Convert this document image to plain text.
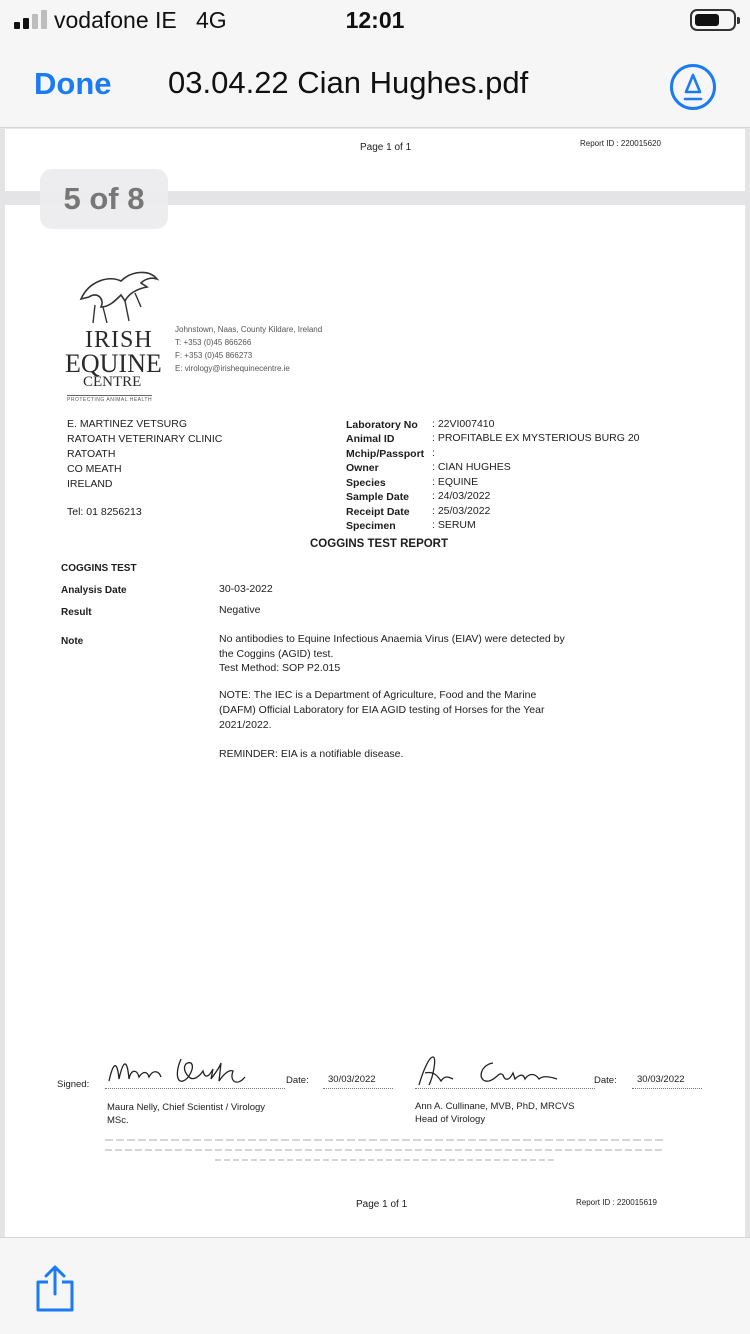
vodafone IE 4G	12:01
Done 03.04.22 Cian Hughes.pdf
Page 1 of 1	Report ID : 220015620
IRISH
EQUINE
CENTRE
PROTECTING ANIMAL HEALTH
Johnstown, Naas, County Kildare, Ireland
T: +353 (0)45 866266
F: +353 (0)45 866273
E: virology@irishequinecentre.ie
E. MARTINEZ VETSURG
RATOATH VETERINARY CLINIC
RATOATH
CO MEATH
IRELAND
Tel: 01 8256213
Laboratory No : 22VI007410
Animal ID	: PROFITABLE EX MYSTERIOUS BURG 20
Mchip/Passport :
Owner	: CIAN HUGHES
Species	: EQUINE
Sample Date : 24/03/2022
Receipt Date : 25/03/2022
Specimen	: SERUM
COGGINS TEST REPORT
COGGINS TEST
Analysis Date	30-03-2022
Result	Negative
Note	No antibodies to Equine Infectious Anaemia Virus (EIAV) were detected by
the Coggins (AGID) test.
Test Method: SOP P2.015
NOTE: The IEC is a Department of Agriculture, Food and the Marine
(DAFM) Official Laboratory for EIA AGID testing of Horses for the Year
2021/2022.
REMINDER: EIA is a notifiable disease.
Signed:	Date: 30/03/2022	Date: 30/03/2022
Maura Nelly, Chief Scientist / Virology
MSc.
Ann A. Cullinane, MVB, PhD, MRCVS
Head of Virology
Page 1 of 1	Report ID : 220015619
5 of 8
